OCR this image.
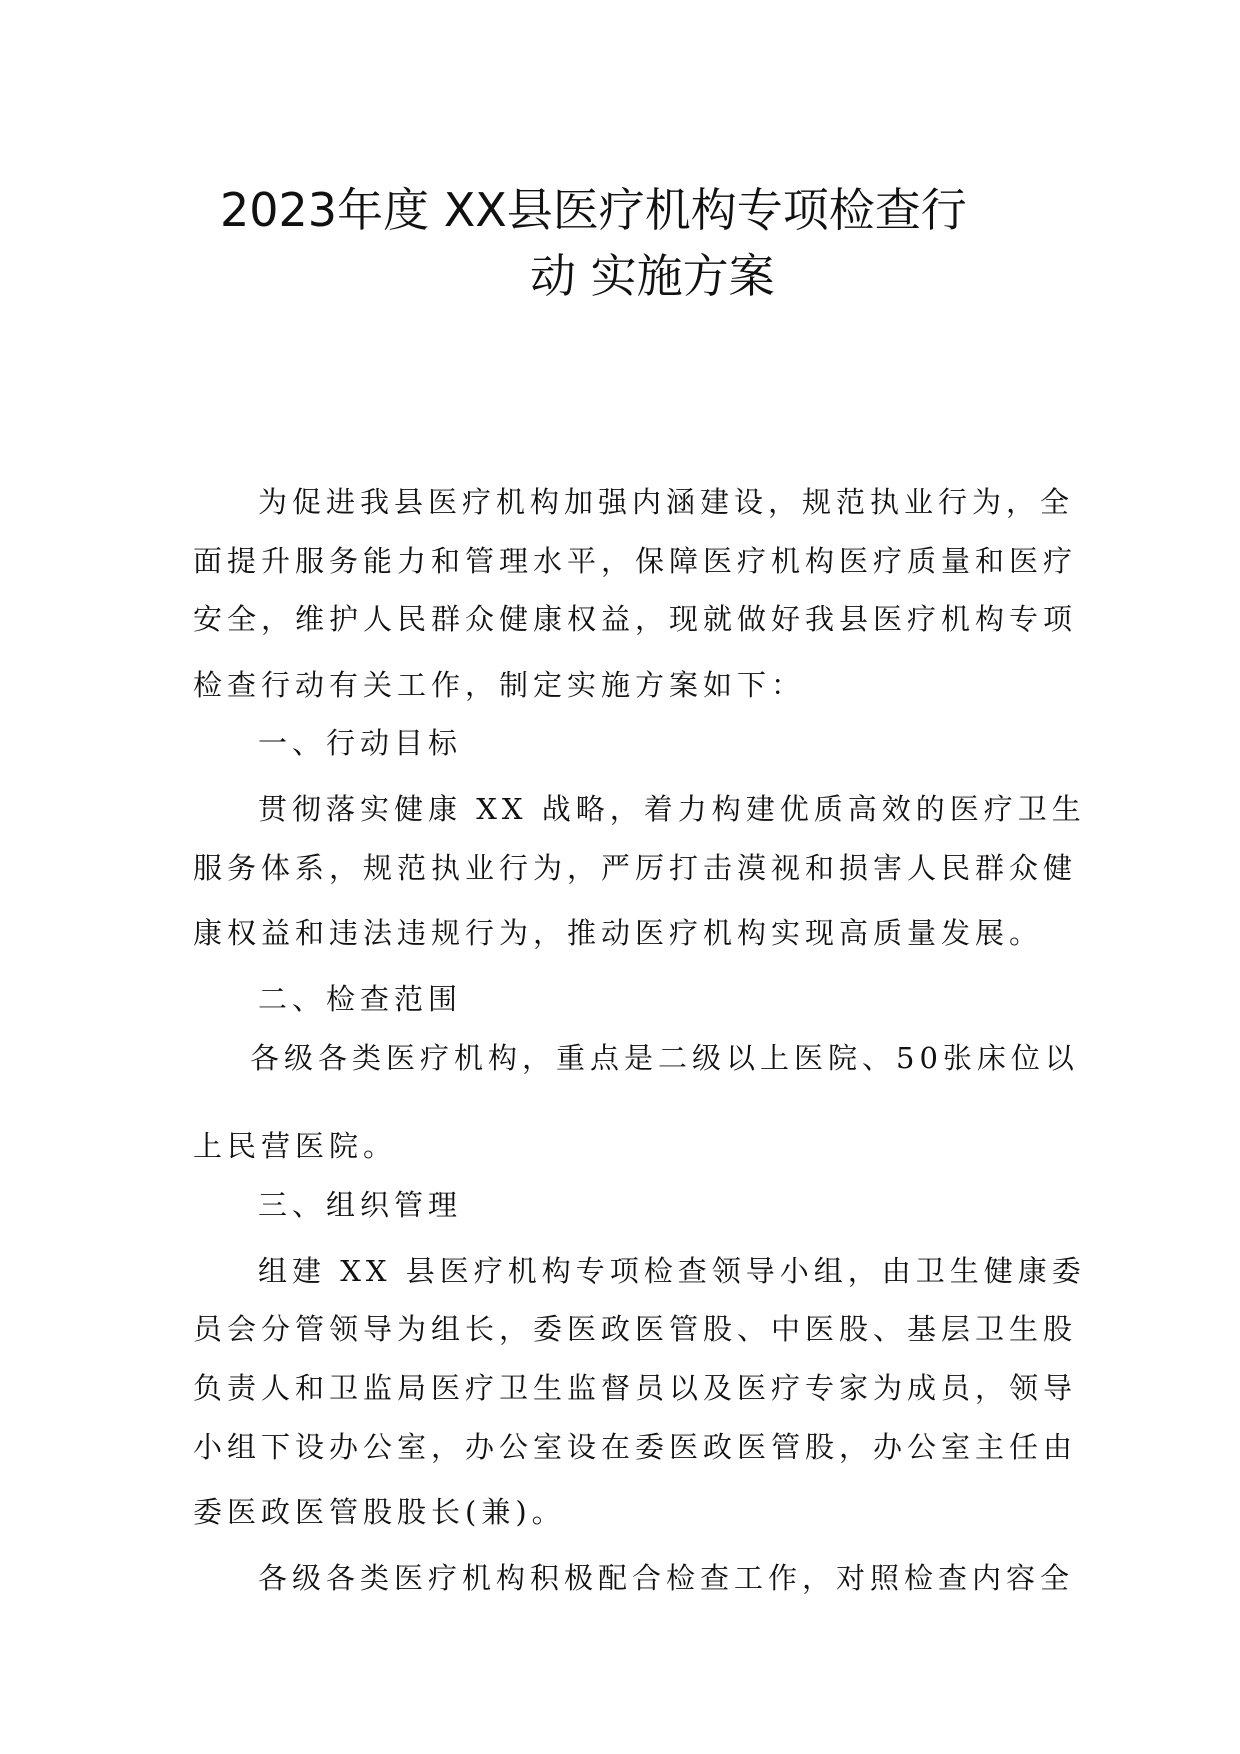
2023年度 XX县医疗机构专项检查行
动 实施方案
为促进我县医疗机构加强内涵建设，规范执业行为，全
面提升服务能力和管理水平，保障医疗机构医疗质量和医疗
安全，维护人民群众健康权益，现就做好我县医疗机构专项
检查行动有关工作，制定实施方案如下：
一、行动目标
贯彻落实健康 XX 战略，着力构建优质高效的医疗卫生
服务体系，规范执业行为，严厉打击漠视和损害人民群众健
康权益和违法违规行为，推动医疗机构实现高质量发展。
二、检查范围
各级各类医疗机构，重点是二级以上医院、50张床位以
上民营医院。
三、组织管理
组建 XX 县医疗机构专项检查领导小组，由卫生健康委
员会分管领导为组长，委医政医管股、中医股、基层卫生股
负责人和卫监局医疗卫生监督员以及医疗专家为成员，领导
小组下设办公室，办公室设在委医政医管股，办公室主任由
委医政医管股股长(兼)。
各级各类医疗机构积极配合检查工作，对照检查内容全
